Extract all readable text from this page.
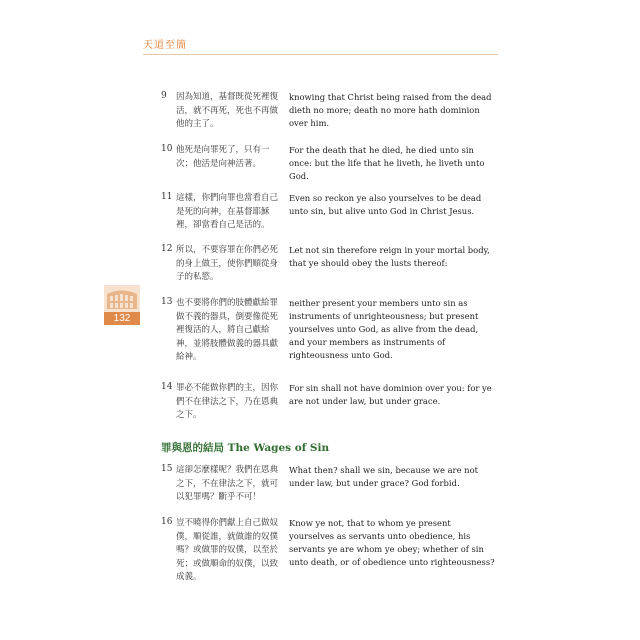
天道至簡
132
9	因為知道，基督既從死裡復活，就不再死，死也不再做他的主了。
knowing that Christ being raised from the dead dieth no more; death no more hath dominion over him.
10 他死是向罪死了，只有一次；他活是向神活著。
For the death that he died, he died unto sin once: but the life that he liveth, he liveth unto God.
11 這樣，你們向罪也當看自己是死的向神，在基督耶穌裡，卻當看自己是活的。
Even so reckon ye also yourselves to be dead unto sin, but alive unto God in Christ Jesus.
12 所以，不要容罪在你們必死的身上做王，使你們順從身子的私慾。
Let not sin therefore reign in your mortal body, that ye should obey the lusts thereof:
13 也不要將你們的肢體獻給罪做不義的器具，倒要像從死裡復活的人，將自己獻給神，並將肢體做義的器具獻給神。
neither present your members unto sin as instruments of unrighteousness; but present yourselves unto God, as alive from the dead, and your members as instruments of righteousness unto God.
14 罪必不能做你們的主，因你們不在律法之下，乃在恩典之下。
For sin shall not have dominion over you: for ye are not under law, but under grace.
罪與恩的結局 The Wages of Sin
15 這卻怎麼樣呢？我們在恩典之下，不在律法之下，就可以犯罪嗎？斷乎不可！
What then? shall we sin, because we are not under law, but under grace? God forbid.
16 豈不曉得你們獻上自己做奴僕，順從誰，就做誰的奴僕嗎？或做罪的奴僕，以至於死；或做順命的奴僕，以致成義。
Know ye not, that to whom ye present yourselves as servants unto obedience, his servants ye are whom ye obey; whether of sin unto death, or of obedience unto righteousness?
